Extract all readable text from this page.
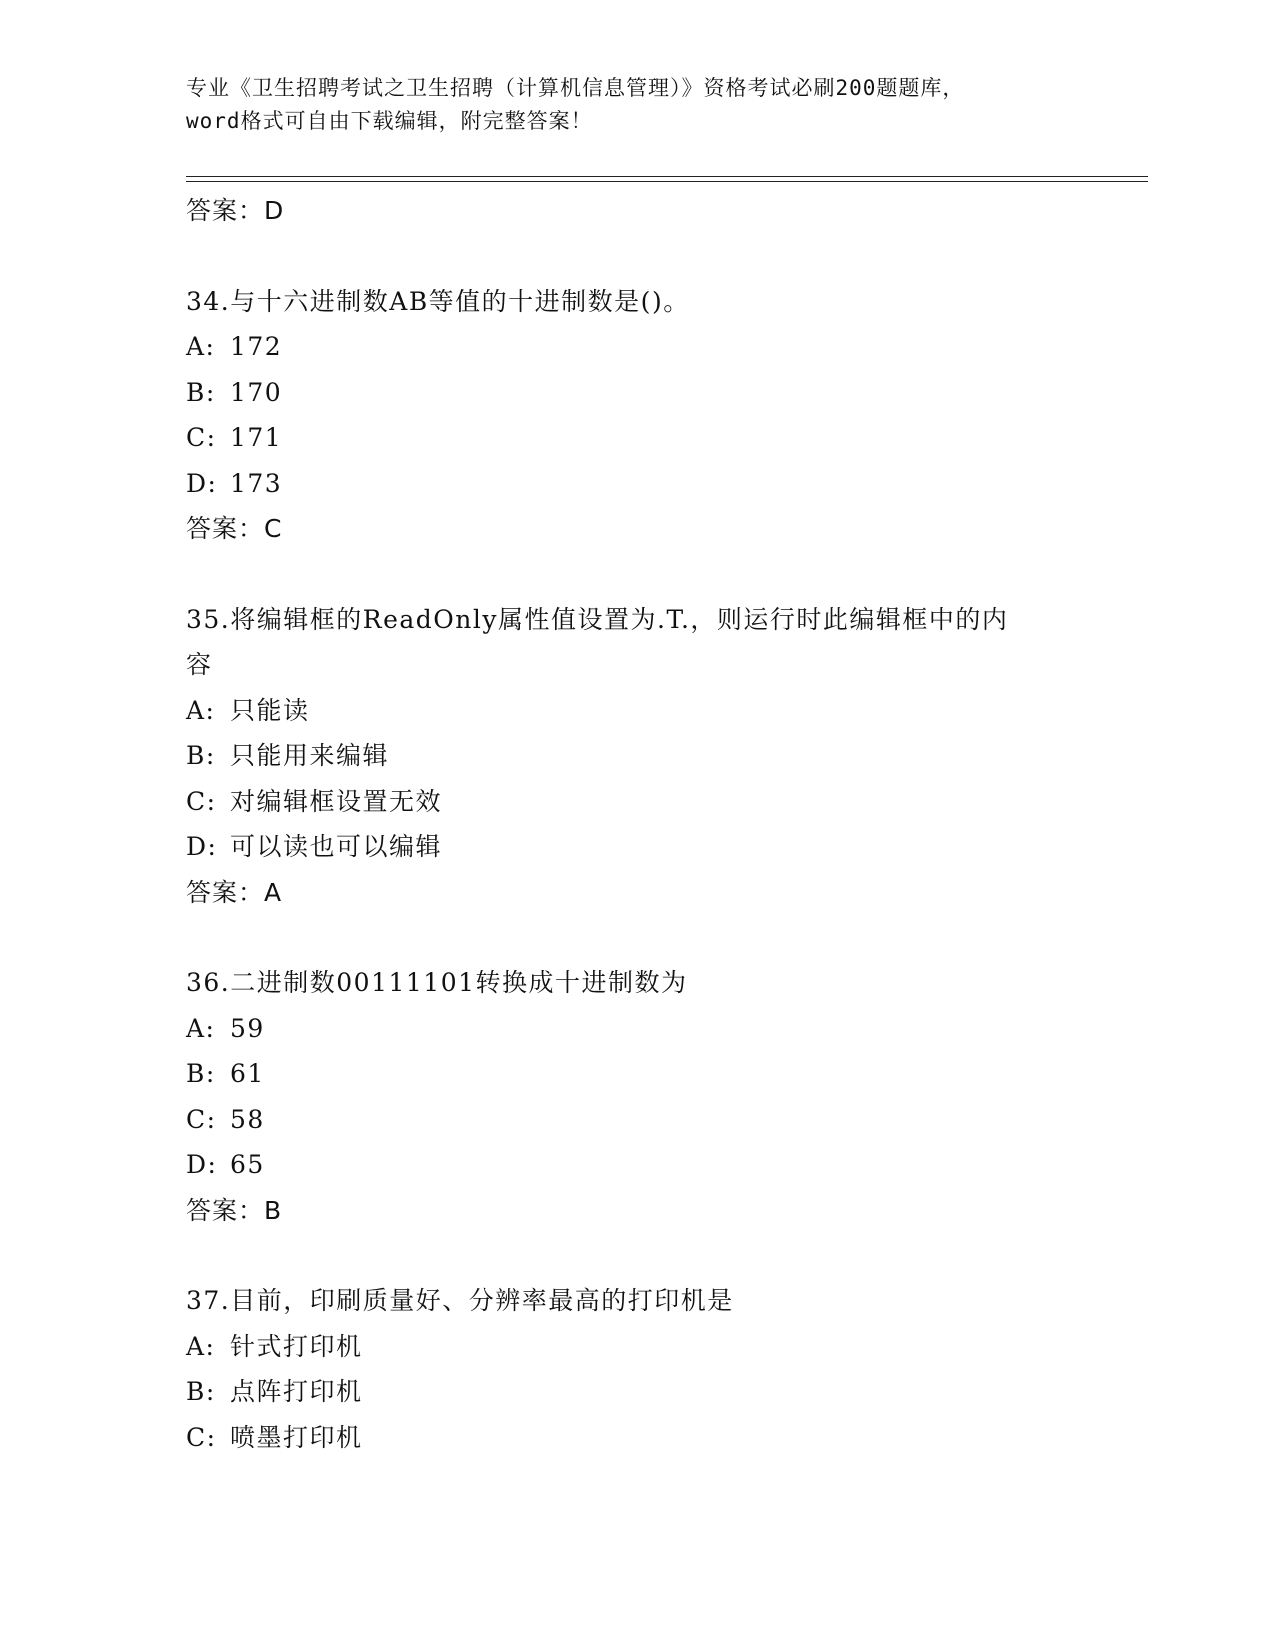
专业《卫生招聘考试之卫生招聘（计算机信息管理）》资格考试必刷200题题库，
word格式可自由下载编辑，附完整答案！
答案：D
34.与十六进制数AB等值的十进制数是()。
A: 172
B: 170
C: 171
D: 173
答案：C
35.将编辑框的ReadOnly属性值设置为.T.，则运行时此编辑框中的内
容
A: 只能读
B: 只能用来编辑
C: 对编辑框设置无效
D: 可以读也可以编辑
答案：A
36.二进制数00111101转换成十进制数为
A: 59
B: 61
C: 58
D: 65
答案：B
37.目前，印刷质量好、分辨率最高的打印机是
A: 针式打印机
B: 点阵打印机
C: 喷墨打印机
